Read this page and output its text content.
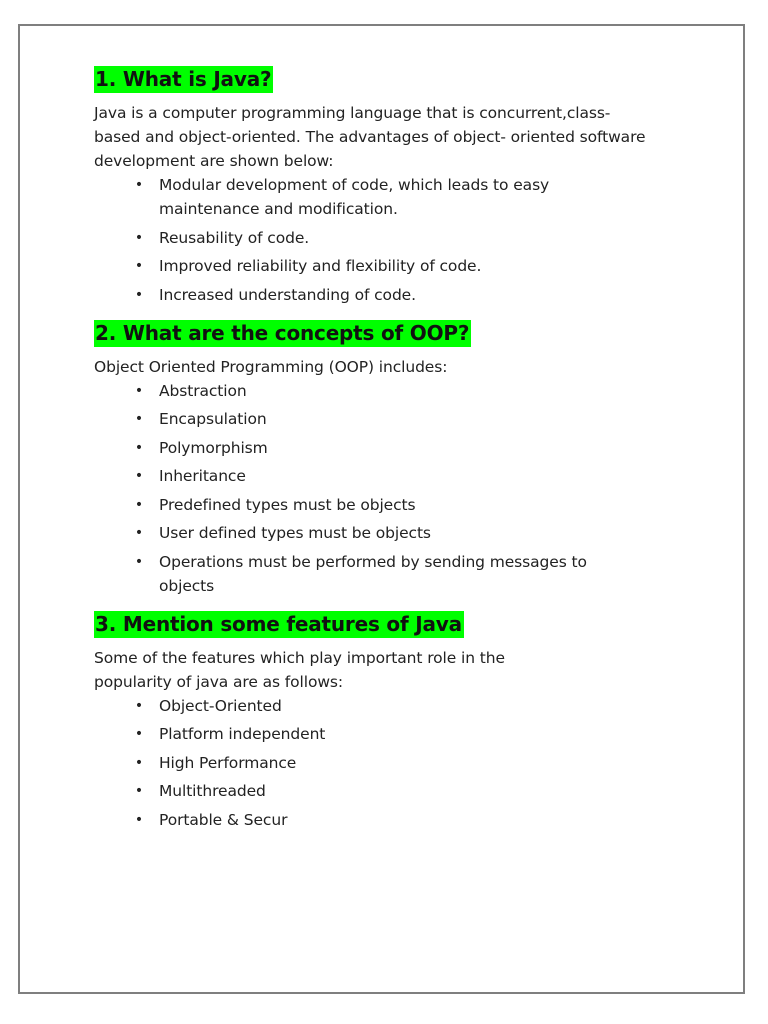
1. What is Java?

Java is a computer programming language that is concurrent,class-based and object-oriented. The advantages of object- oriented software development are shown below:

• Modular development of code, which leads to easy maintenance and modification.
• Reusability of code.
• Improved reliability and flexibility of code.
• Increased understanding of code.
2. What are the concepts of OOP?

Object Oriented Programming (OOP) includes:

• Abstraction
• Encapsulation
• Polymorphism
• Inheritance
• Predefined types must be objects
• User defined types must be objects
• Operations must be performed by sending messages to objects
3. Mention some features of Java

Some of the features which play important role in the popularity of java are as follows:

• Object-Oriented
• Platform independent
• High Performance
• Multithreaded
• Portable & Secur
